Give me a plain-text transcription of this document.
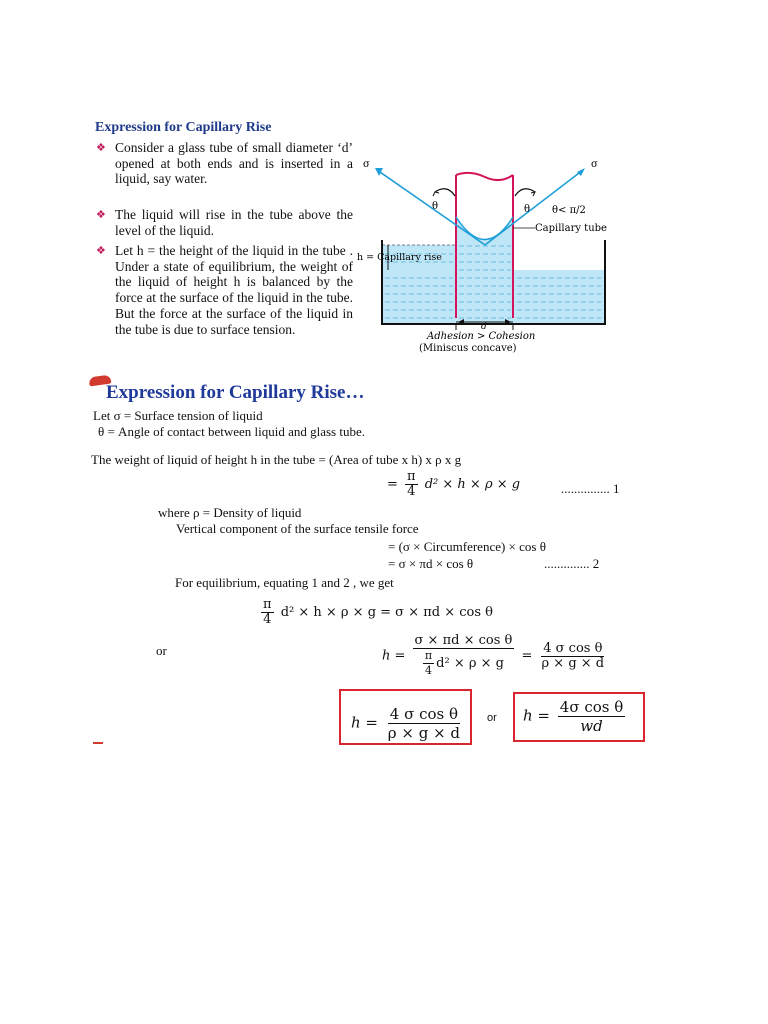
Expression for Capillary Rise
❖ Consider a glass tube of small diameter ‘d’ opened at both ends and is inserted in a liquid, say water.
❖ The liquid will rise in the tube above the level of the liquid.
❖ Let h = the height of the liquid in the tube . Under a state of equilibrium, the weight of the liquid of height h is balanced by the force at the surface of the liquid in the tube. But the force at the surface of the liquid in the tube is due to surface tension.
σ	σ
θ	θ θ< π/2
Capillary tube
h = Capillary rise
d
Adhesion > Cohesion
(Miniscus concave)
Expression for Capillary Rise…
Let σ = Surface tension of liquid
θ = Angle of contact between liquid and glass tube.
The weight of liquid of height h in the tube = (Area of tube x h) x ρ x g
= $\frac{\pi}{4} d^2 \times h \times \rho \times g$	............... 1
where ρ = Density of liquid
Vertical component of the surface tensile force
= (σ × Circumference) × cos θ
= σ × πd × cos θ	.............. 2
For equilibrium, equating 1 and 2 , we get
$\frac{\pi}{4} d^2 \times h \times \rho \times g = \sigma \times \pi d \times \cos \theta$
or	$h = \frac{\text{σ × πd × cos θ}}{\frac{\pi}{4} d^2 \times \rho \times g} = \frac{\text{4 σ cos θ}}{\rho \times g \times d}$
$h = \frac{\text{4 σ cos θ}}{\rho \times g \times d}$ or $h = \frac{\text{4σ cos θ}}{wd}$
